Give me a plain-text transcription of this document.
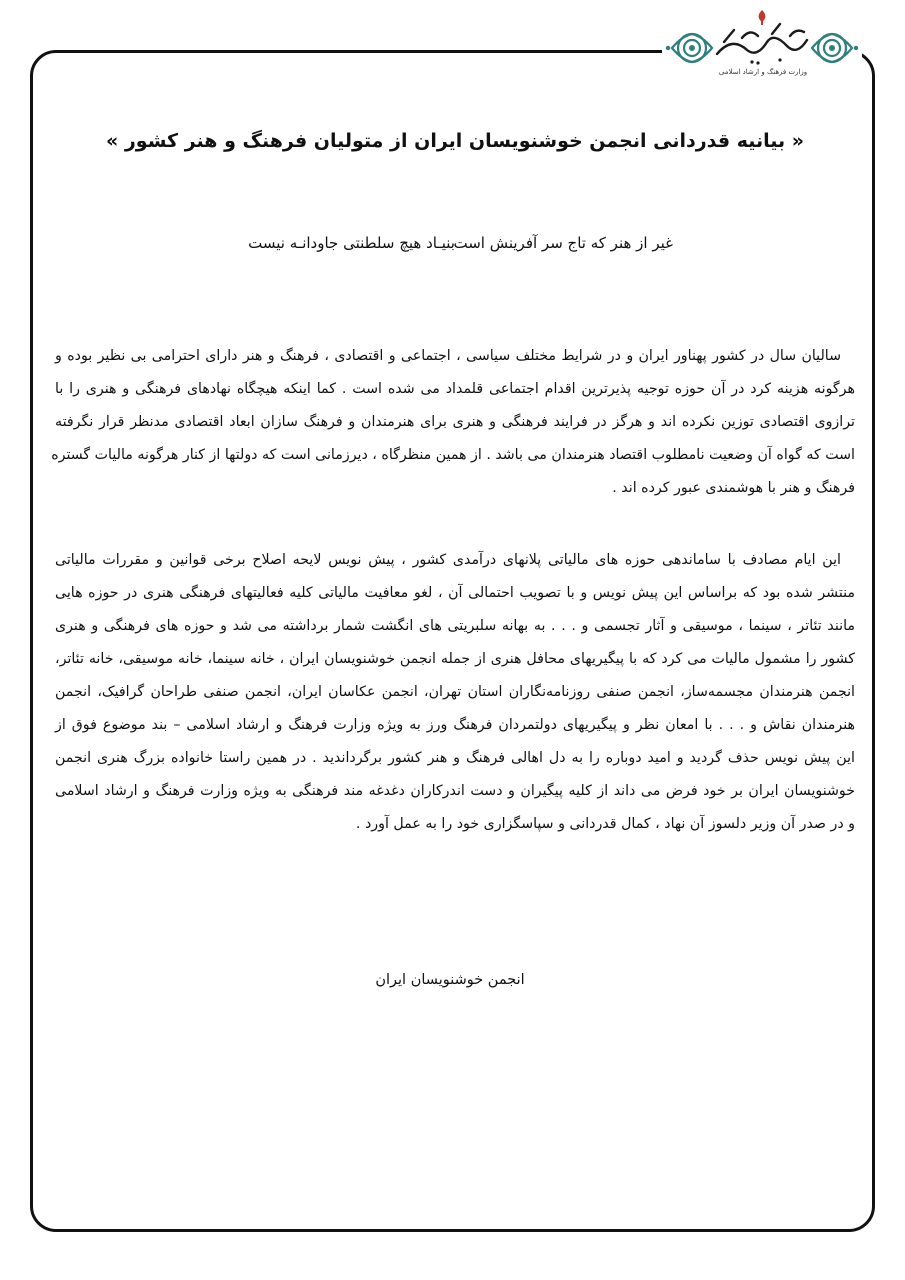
وزارت فرهنگ و ارشاد اسلامی
« بیانیه قدردانی انجمن خوشنویسان ایران از متولیان فرهنگ و هنر کشور »
غیر از هنر که تاج سر آفرینش است
بنیـاد هیچ سلطنتی جاودانـه نیست
سالیان سال در کشور پهناور ایران و در شرایط مختلف سیاسی ، اجتماعی و اقتصادی ، فرهنگ و هنر دارای احترامی بی نظیر بوده و
هرگونه هزینه کرد در آن حوزه توجیه پذیرترین اقدام اجتماعی قلمداد می شده است . کما اینکه هیچگاه نهادهای فرهنگی و هنری را با
ترازوی اقتصادی توزین نکرده اند و هرگز در فرایند فرهنگی و هنری برای هنرمندان و فرهنگ سازان ابعاد اقتصادی مدنظر قرار نگرفته
است که گواه آن وضعیت نامطلوب اقتصاد هنرمندان می باشد . از همین منظرگاه ، دیرزمانی است که دولتها از کنار هرگونه مالیات گستره
فرهنگ و هنر با هوشمندی عبور کرده اند .
این ایام مصادف با ساماندهی حوزه های مالیاتی پلانهای درآمدی کشور ، پیش نویس لایحه اصلاح برخی قوانین و مقررات مالیاتی
منتشر شده بود که براساس این پیش نویس و با تصویب احتمالی آن ، لغو معافیت مالیاتی کلیه فعالیتهای فرهنگی هنری در حوزه هایی
مانند تئاتر ، سینما ، موسیقی و آثار تجسمی و . . . به بهانه سلبریتی های انگشت شمار برداشته می شد و حوزه های فرهنگی و هنری
کشور را مشمول مالیات می کرد که با پیگیریهای محافل هنری از جمله انجمن خوشنویسان ایران ، خانه سینما، خانه موسیقی، خانه تئاتر،
انجمن هنرمندان مجسمه‌ساز، انجمن صنفی روزنامه‌نگاران استان تهران، انجمن عکاسان ایران، انجمن صنفی طراحان گرافیک، انجمن
هنرمندان نقاش و . . . با امعان نظر و پیگیریهای دولتمردان فرهنگ ورز به ویژه وزارت فرهنگ و ارشاد اسلامی – بند موضوع فوق از
این پیش نویس حذف گردید و امید دوباره را به دل اهالی فرهنگ و هنر کشور برگرداندید . در همین راستا خانواده بزرگ هنری انجمن
خوشنویسان ایران بر خود فرض می داند از کلیه پیگیران و دست اندرکاران دغدغه مند فرهنگی به ویژه وزارت فرهنگ و ارشاد اسلامی
و در صدر آن وزیر دلسوز آن نهاد ، کمال قدردانی و سپاسگزاری خود را به عمل آورد .
انجمن خوشنویسان ایران
